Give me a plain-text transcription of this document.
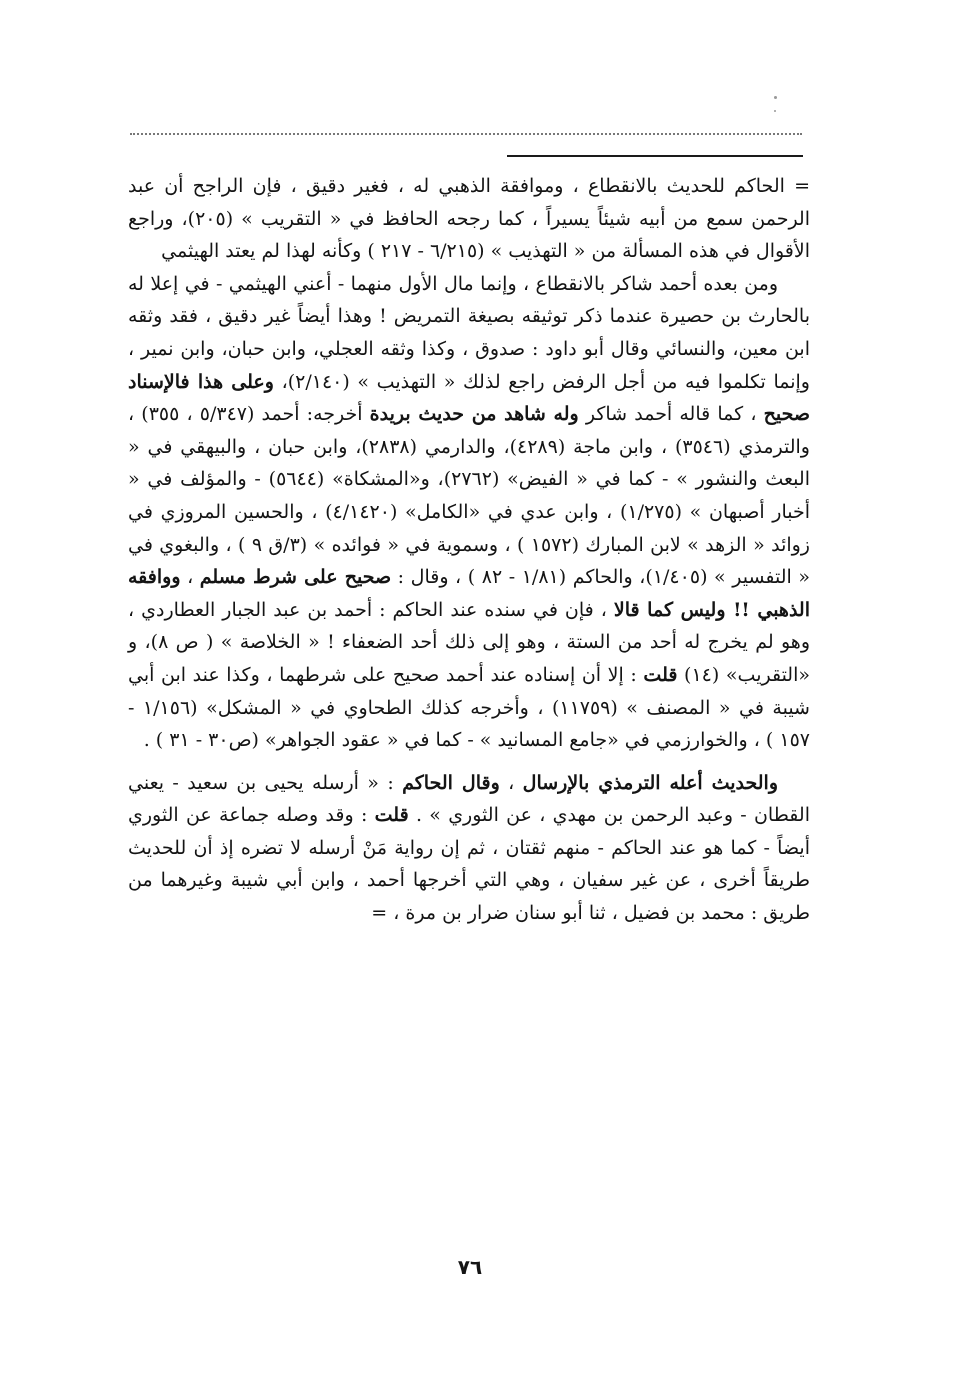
= الحاكم للحديث بالانقطاع ، وموافقة الذهبي له ، فغير دقيق ، فإن الراجح أن عبد الرحمن سمع من أبيه شيئاً يسيراً ، كما رجحه الحافظ في « التقريب » (٢٠٥)، وراجع الأقوال في هذه المسألة من « التهذيب » (٦/٢١٥ - ٢١٧ ) وكأنه لهذا لم يعتد الهيثمي

ومن بعده أحمد شاكر بالانقطاع ، وإنما مال الأول منهما - أعني الهيثمي - في إعلا له بالحارث بن حصيرة عندما ذكر توثيقه بصيغة التمريض ! وهذا أيضاً غير دقيق ، فقد وثقه ابن معين، والنسائي وقال أبو داود : صدوق ، وكذا وثقه العجلي، وابن حبان، وابن نمير ، وإنما تكلموا فيه من أجل الرفض راجع لذلك « التهذيب » (٢/١٤٠)، وعلى هذا فالإسناد صحيح ، كما قاله أحمد شاكر وله شاهد من حديث بريدة أخرجه: أحمد (٥/٣٤٧ ، ٣٥٥) ، والترمذي (٣٥٤٦) ، وابن ماجة (٤٢٨٩)، والدارمي (٢٨٣٨)، وابن حبان ، والبيهقي في « البعث والنشور » - كما في « الفيض» (٢٧٦٢)، و«المشكاة» (٥٦٤٤) - والمؤلف في « أخبار أصبهان » (١/٢٧٥) ، وابن عدي في «الكامل» (٤/١٤٢٠) ، والحسين المروزي في زوائد « الزهد » لابن المبارك (١٥٧٢ ) ، وسموية في « فوائده » (٣/ق ٩ ) ، والبغوي في « التفسير » (١/٤٠٥)، والحاكم (١/٨١ - ٨٢ ) ، وقال : صحيح على شرط مسلم ، ووافقه الذهبي !! وليس كما قالا ، فإن في سنده عند الحاكم : أحمد بن عبد الجبار العطاردي ، وهو لم يخرج له أحد من الستة ، وهو إلى ذلك أحد الضعفاء ! « الخلاصة » ( ص ٨)، و «التقريب» (١٤) قلت : إلا أن إسناده عند أحمد صحيح على شرطهما ، وكذا عند ابن أبي شيبة في « المصنف » (١١٧٥٩) ، وأخرجه كذلك الطحاوي في « المشكل» (١/١٥٦ - ١٥٧ ) ، والخوارزمي في «جامع المسانيد » - كما في « عقود الجواهر» (ص٣٠ - ٣١ ) .

والحديث أعله الترمذي بالإرسال ، وقال الحاكم : « أرسله يحيى بن سعيد - يعني القطان - وعبد الرحمن بن مهدي ، عن الثوري » . قلت : وقد وصله جماعة عن الثوري أيضاً - كما هو عند الحاكم - منهم ثقتان ، ثم إن رواية مَنْ أرسله لا تضره إذ أن للحديث طريقاً أخرى ، عن غير سفيان ، وهي التي أخرجها أحمد ، وابن أبي شيبة وغيرهما من طريق : محمد بن فضيل ، ثنا أبو سنان ضرار بن مرة ، =

٧٦
